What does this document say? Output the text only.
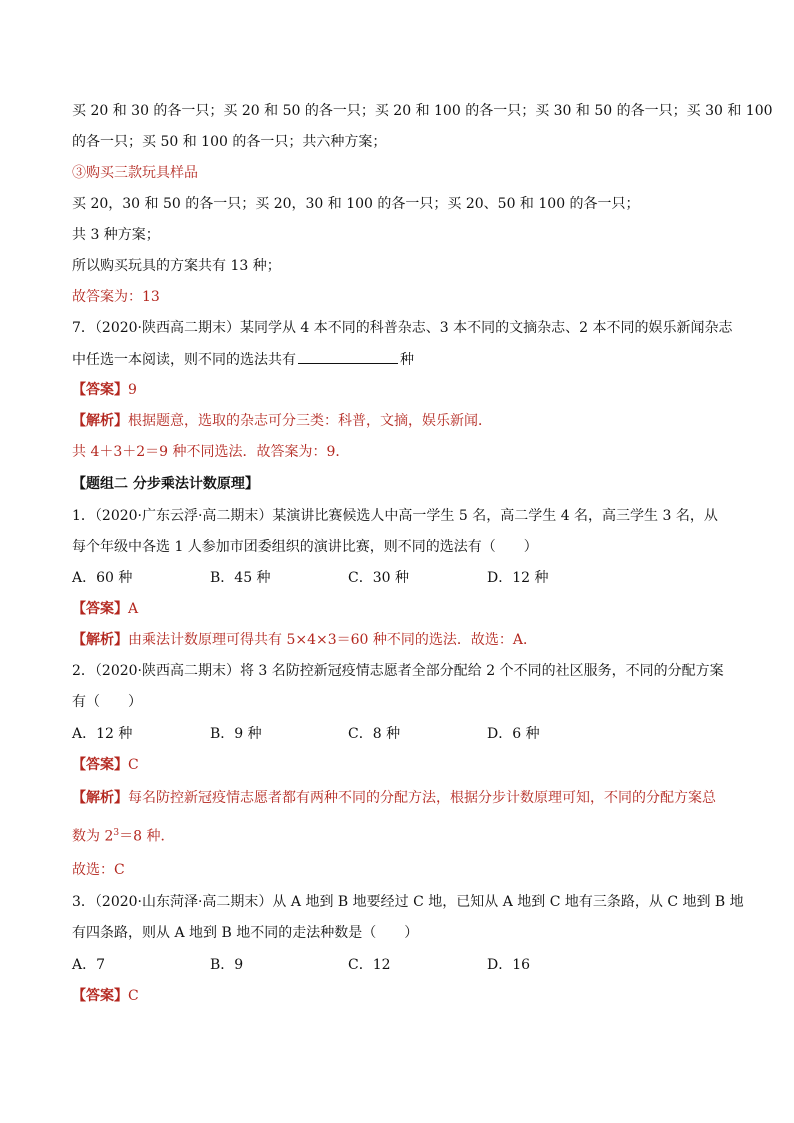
买 20 和 30 的各一只；买 20 和 50 的各一只；买 20 和 100 的各一只；买 30 和 50 的各一只；买 30 和 100
的各一只；买 50 和 100 的各一只；共六种方案；
③购买三款玩具样品
买 20，30 和 50 的各一只；买 20，30 和 100 的各一只；买 20、50 和 100 的各一只；
共 3 种方案；
所以购买玩具的方案共有 13 种；
故答案为：13
7．（2020·陕西高二期末）某同学从 4 本不同的科普杂志、3 本不同的文摘杂志、2 本不同的娱乐新闻杂志
中任选一本阅读，则不同的选法共有	种
【答案】9
【解析】根据题意，选取的杂志可分三类：科普，文摘，娱乐新闻．
共 4＋3＋2＝9 种不同选法．故答案为：9．
【题组二 分步乘法计数原理】
1．（2020·广东云浮·高二期末）某演讲比赛候选人中高一学生 5 名，高二学生 4 名，高三学生 3 名，从
每个年级中各选 1 人参加市团委组织的演讲比赛，则不同的选法有（　　）
A．60 种	B．45 种	C．30 种	D．12 种
【答案】A
【解析】由乘法计数原理可得共有 5×4×3＝60 种不同的选法．故选：A．
2．（2020·陕西高二期末）将 3 名防控新冠疫情志愿者全部分配给 2 个不同的社区服务，不同的分配方案
有（　　）
A．12 种	B．9 种	C．8 种	D．6 种
【答案】C
【解析】每名防控新冠疫情志愿者都有两种不同的分配方法，根据分步计数原理可知，不同的分配方案总
数为 $2^3=8$ 种．
故选：C
3．（2020·山东菏泽·高二期末）从 A 地到 B 地要经过 C 地，已知从 A 地到 C 地有三条路，从 C 地到 B 地
有四条路，则从 A 地到 B 地不同的走法种数是（　　）
A．7	B．9	C．12	D．16
【答案】C
